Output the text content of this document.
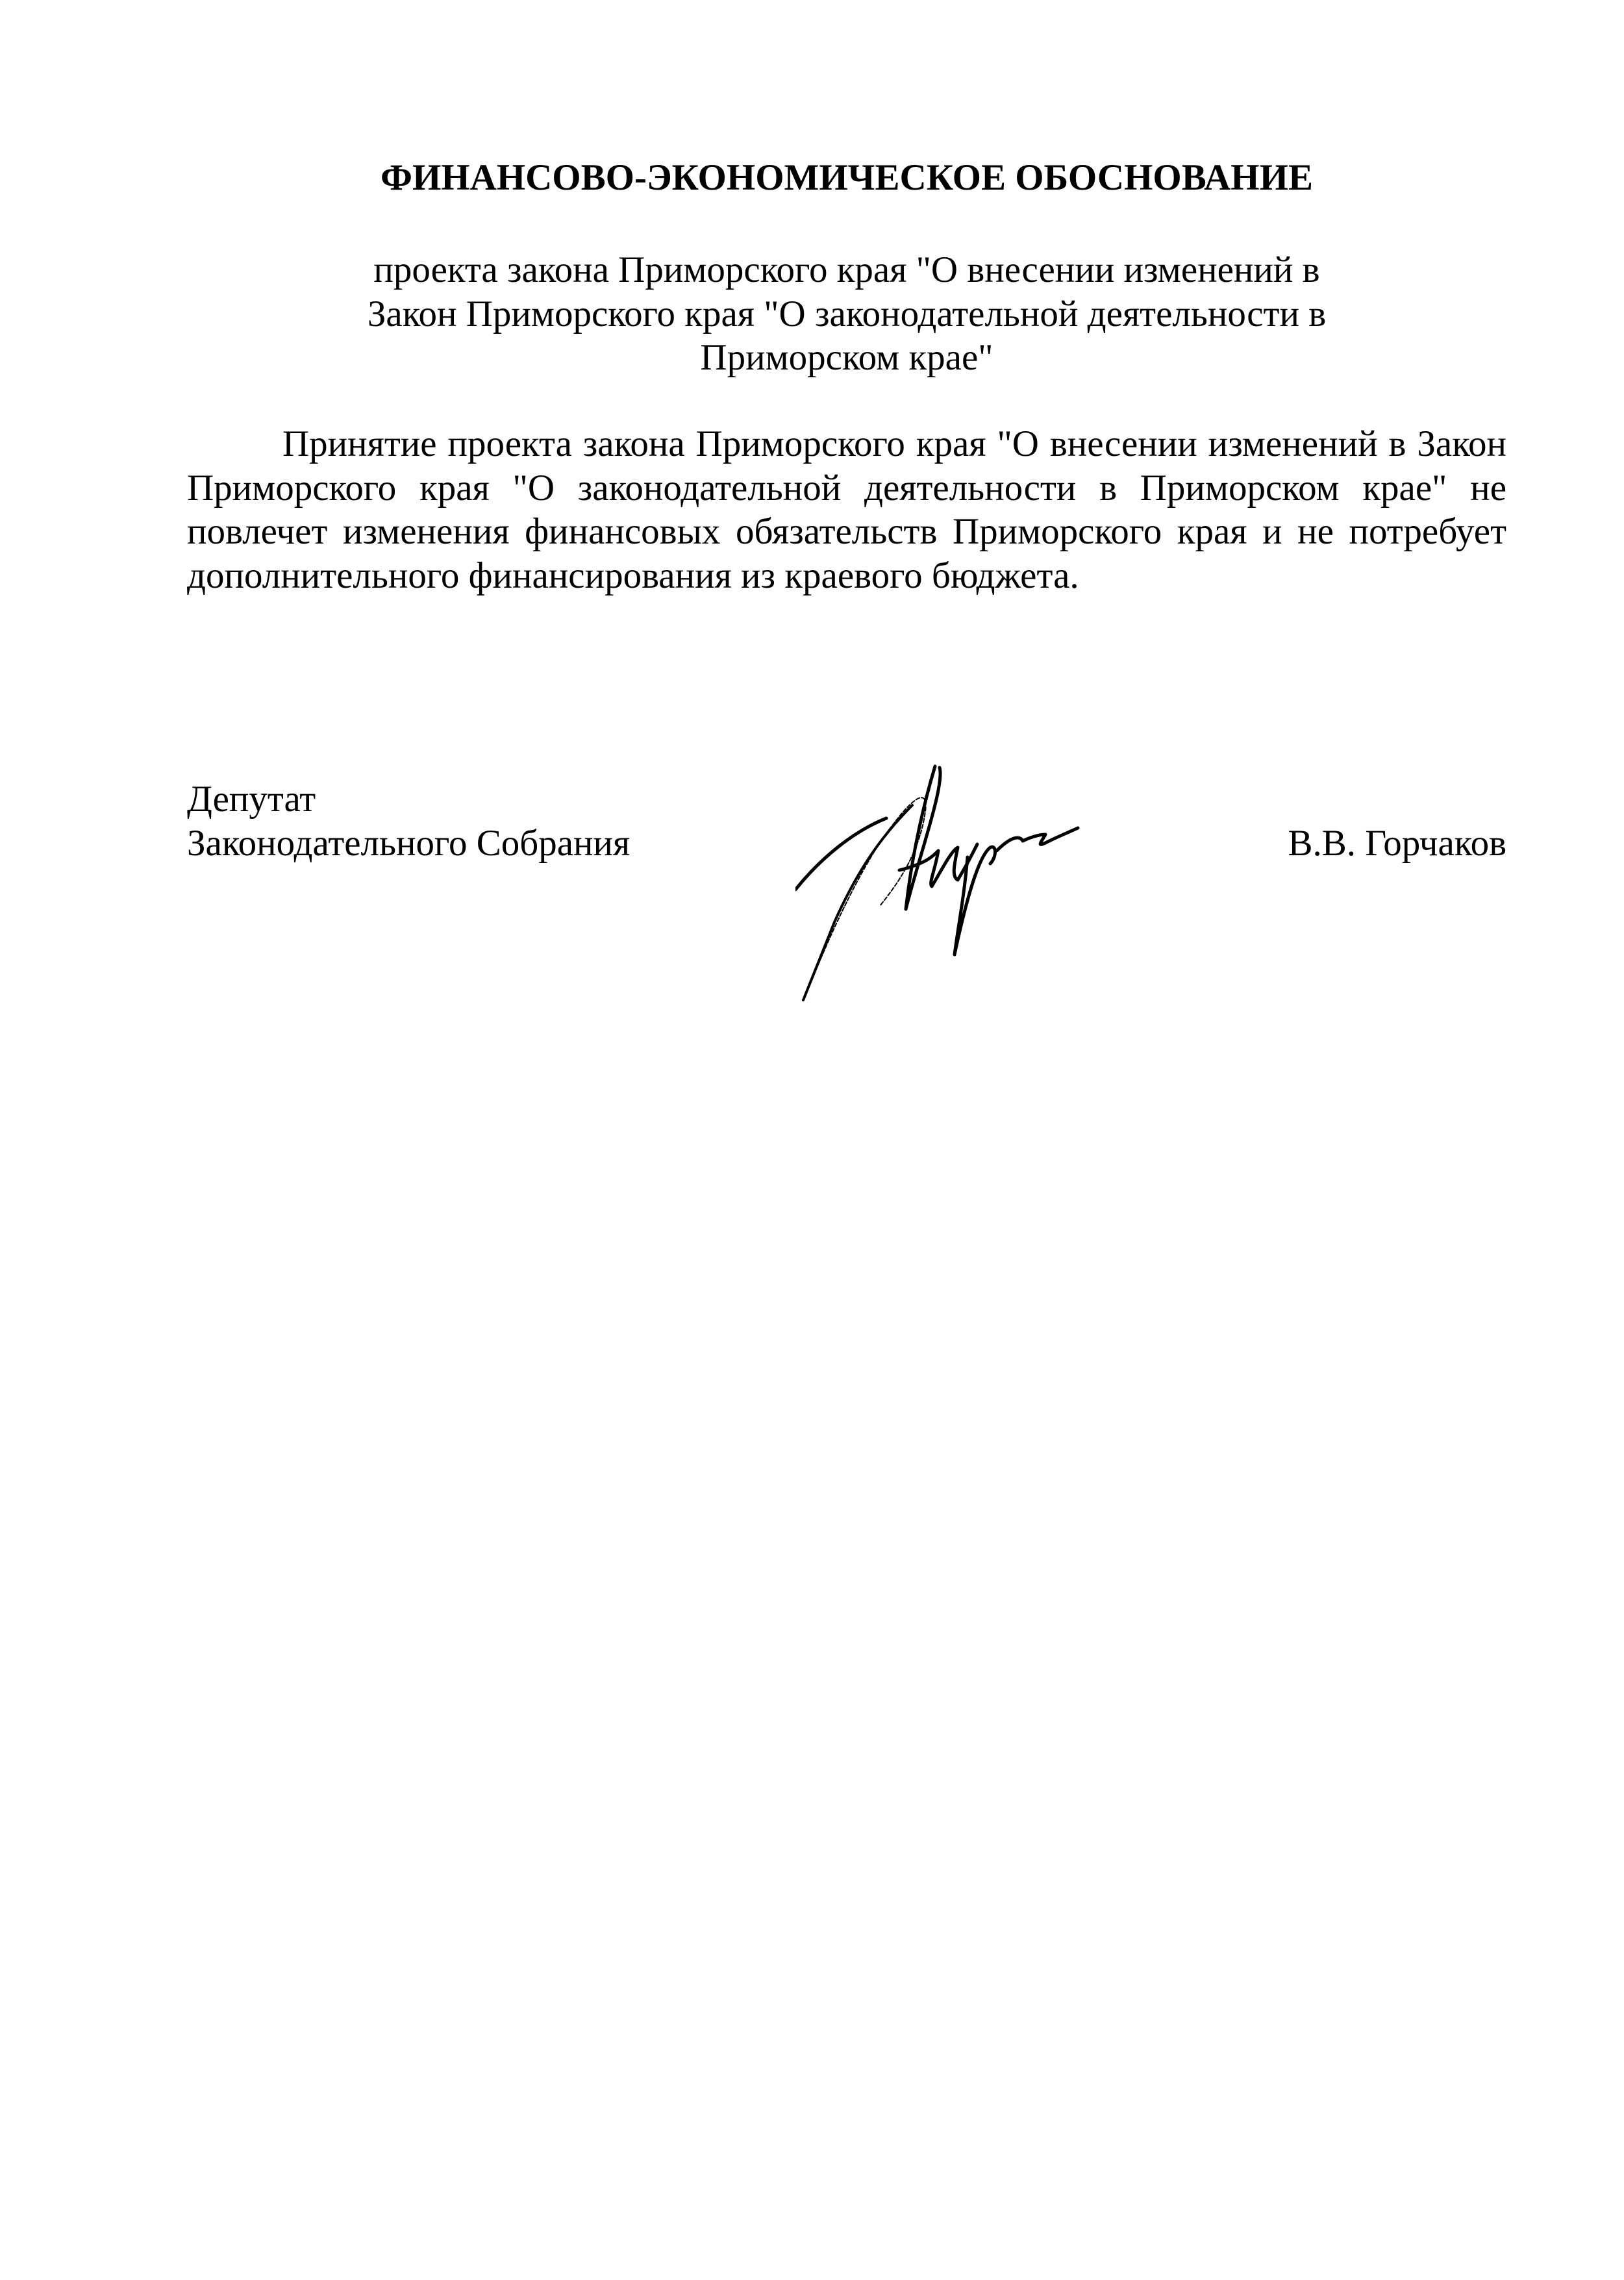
ФИНАНСОВО-ЭКОНОМИЧЕСКОЕ ОБОСНОВАНИЕ
проекта закона Приморского края "О внесении изменений в
Закон Приморского края "О законодательной деятельности в
Приморском крае"
Принятие проекта закона Приморского края "О внесении изменений в Закон Приморского края "О законодательной деятельности в Приморском крае" не повлечет изменения финансовых обязательств Приморского края и не потребует дополнительного финансирования из краевого бюджета.
Депутат
Законодательного Собрания	В.В. Горчаков
